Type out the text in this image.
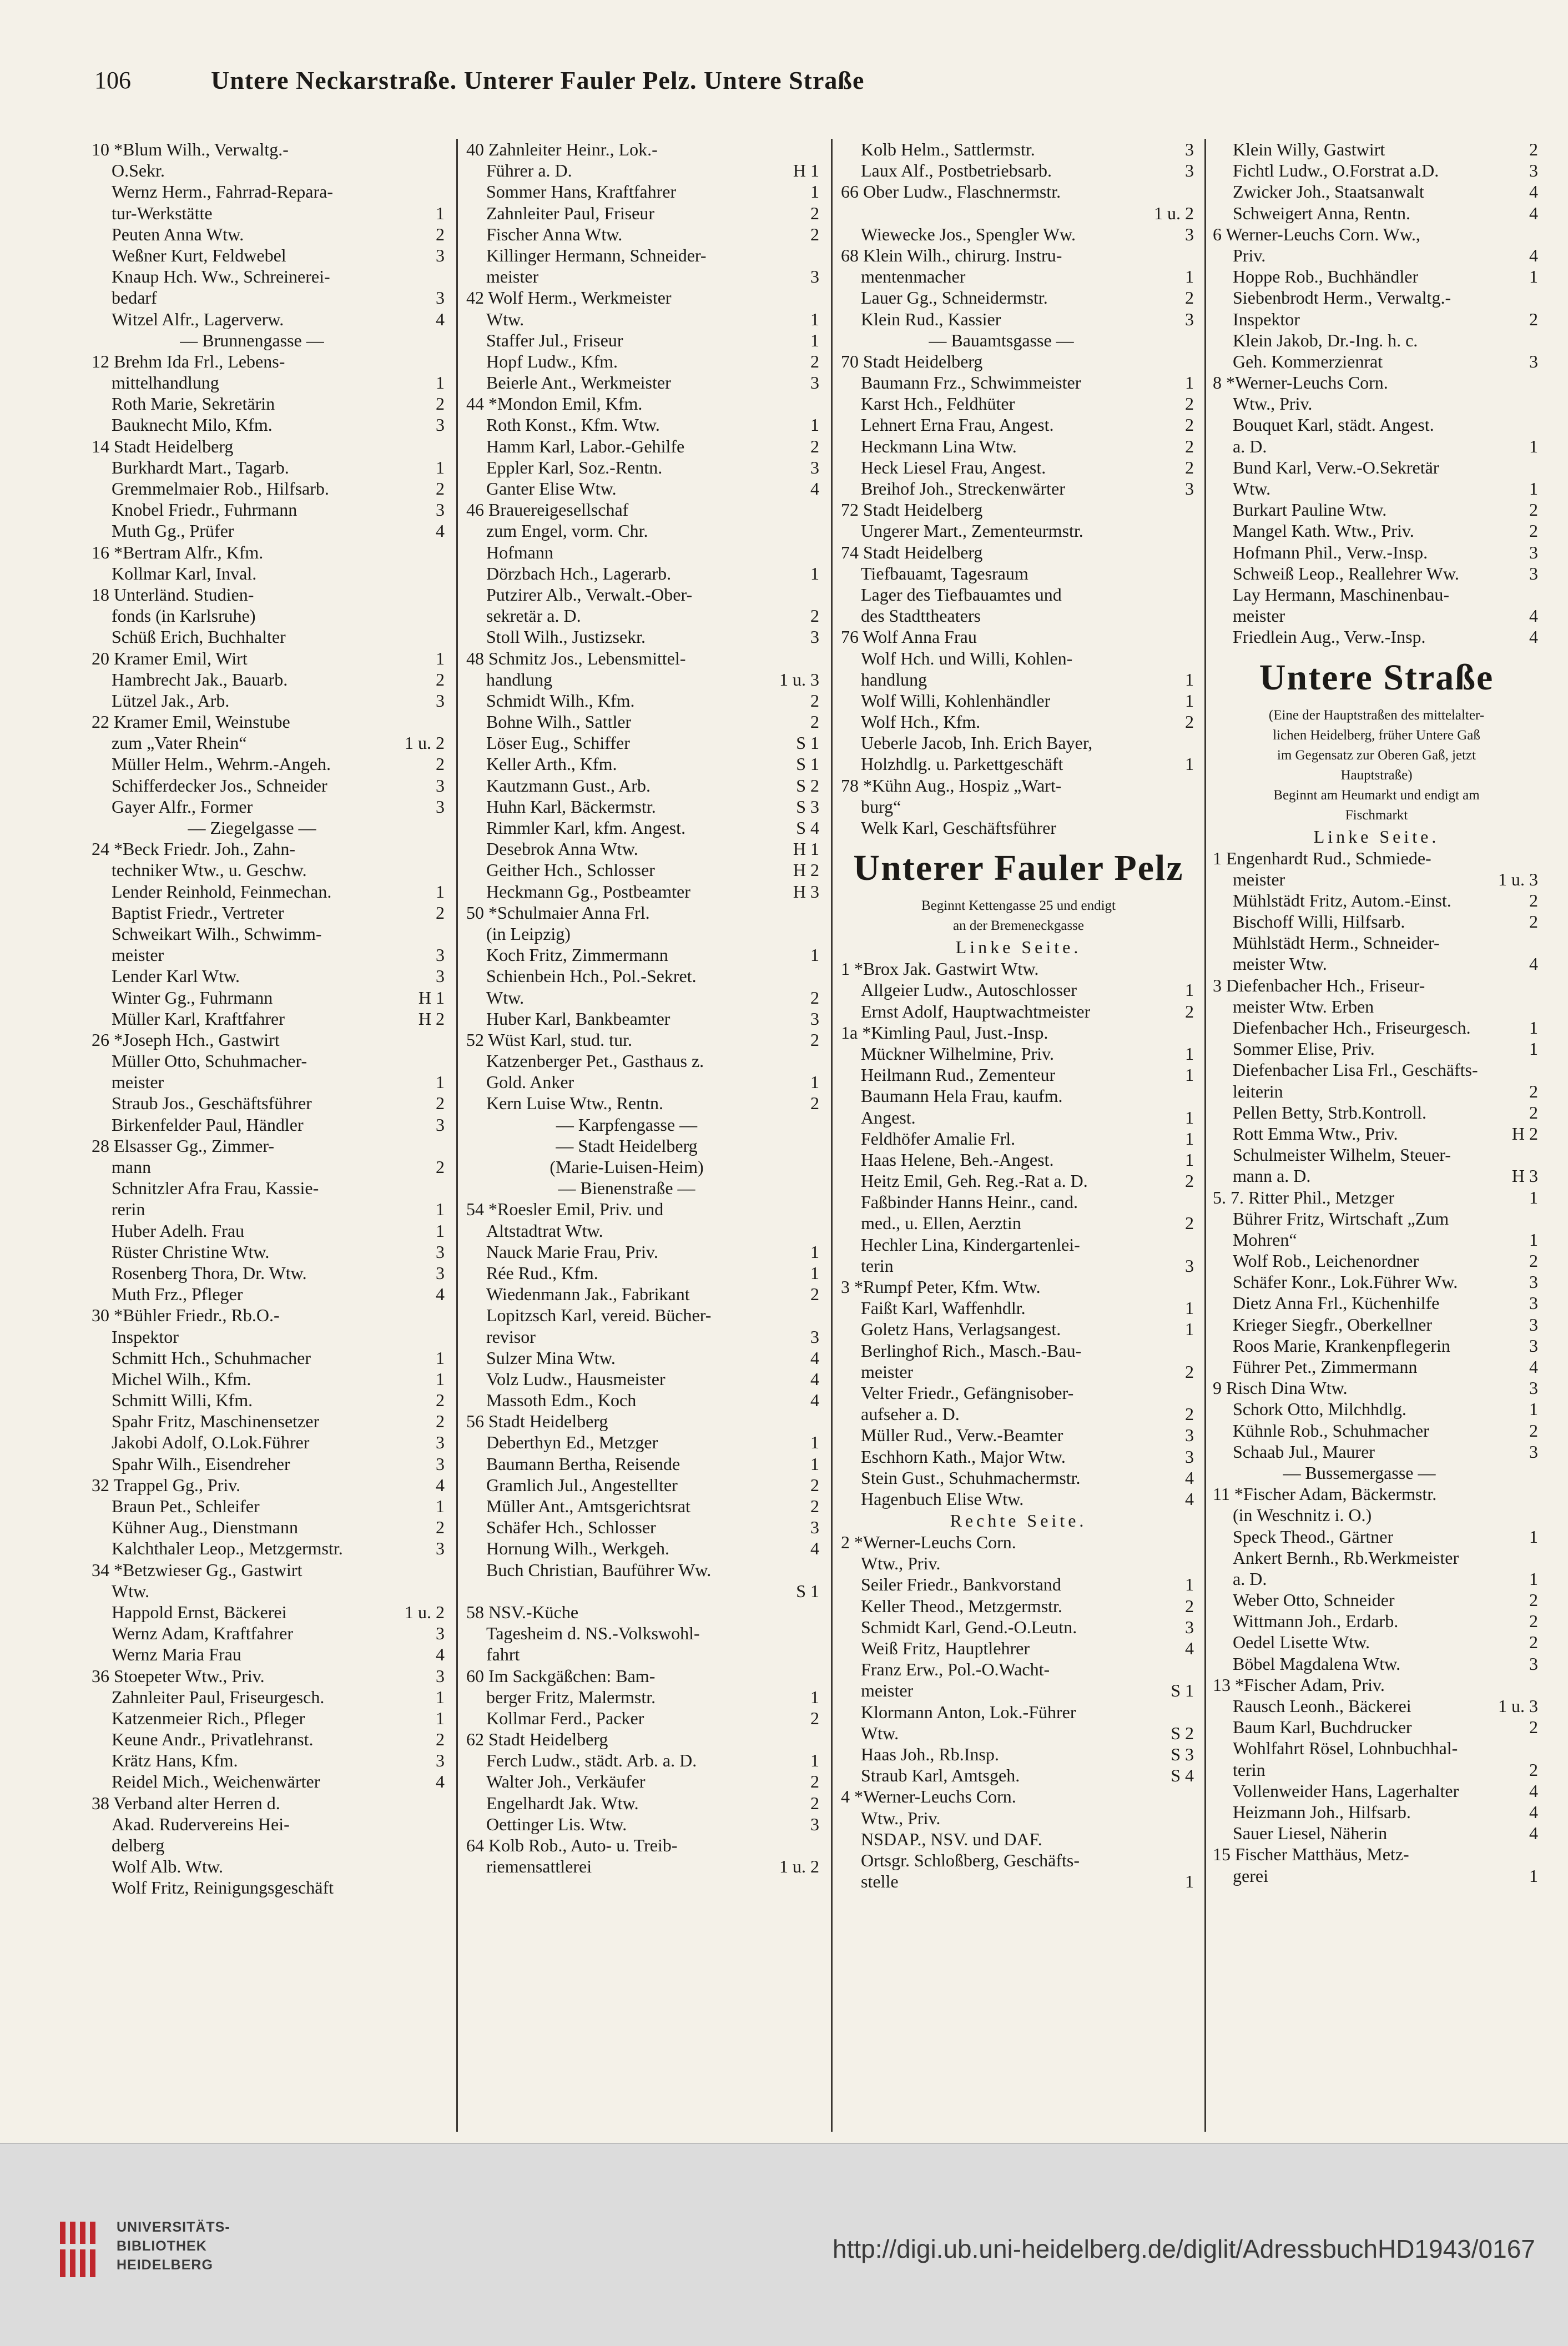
106	Untere Neckarstraße. Unterer Fauler Pelz. Untere Straße
10 *Blum Wilh., Verwaltg.-
O.Sekr.
Wernz Herm., Fahrrad-Repara-
tur-Werkstätte	1
Peuten Anna Wtw.	2
Weßner Kurt, Feldwebel	3
Knaup Hch. Ww., Schreinerei-
bedarf	3
Witzel Alfr., Lagerverw.	4
— Brunnengasse —
12 Brehm Ida Frl., Lebens-
mittelhandlung	1
Roth Marie, Sekretärin	2
Bauknecht Milo, Kfm.	3
14 Stadt Heidelberg
Burkhardt Mart., Tagarb.	1
Gremmelmaier Rob., Hilfsarb.	2
Knobel Friedr., Fuhrmann	3
Muth Gg., Prüfer	4
16 *Bertram Alfr., Kfm.
Kollmar Karl, Inval.
18 Unterländ. Studien-
fonds (in Karlsruhe)
Schüß Erich, Buchhalter
20 Kramer Emil, Wirt	1
Hambrecht Jak., Bauarb.	2
Lützel Jak., Arb.	3
22 Kramer Emil, Weinstube
zum „Vater Rhein“	1 u. 2
Müller Helm., Wehrm.-Angeh.	2
Schifferdecker Jos., Schneider	3
Gayer Alfr., Former	3
— Ziegelgasse —
24 *Beck Friedr. Joh., Zahn-
techniker Wtw., u. Geschw.
Lender Reinhold, Feinmechan.	1
Baptist Friedr., Vertreter	2
Schweikart Wilh., Schwimm-
meister	3
Lender Karl Wtw.	3
Winter Gg., Fuhrmann	H 1
Müller Karl, Kraftfahrer	H 2
26 *Joseph Hch., Gastwirt
Müller Otto, Schuhmacher-
meister	1
Straub Jos., Geschäftsführer	2
Birkenfelder Paul, Händler	3
28 Elsasser Gg., Zimmer-
mann	2
Schnitzler Afra Frau, Kassie-
rerin	1
Huber Adelh. Frau	1
Rüster Christine Wtw.	3
Rosenberg Thora, Dr. Wtw.	3
Muth Frz., Pfleger	4
30 *Bühler Friedr., Rb.O.-
Inspektor
Schmitt Hch., Schuhmacher	1
Michel Wilh., Kfm.	1
Schmitt Willi, Kfm.	2
Spahr Fritz, Maschinensetzer	2
Jakobi Adolf, O.Lok.Führer	3
Spahr Wilh., Eisendreher	3
32 Trappel Gg., Priv.	4
Braun Pet., Schleifer	1
Kühner Aug., Dienstmann	2
Kalchthaler Leop., Metzgermstr.	3
34 *Betzwieser Gg., Gastwirt
Wtw.
Happold Ernst, Bäckerei	1 u. 2
Wernz Adam, Kraftfahrer	3
Wernz Maria Frau	4
36 Stoepeter Wtw., Priv.	3
Zahnleiter Paul, Friseurgesch.	1
Katzenmeier Rich., Pfleger	1
Keune Andr., Privatlehranst.	2
Krätz Hans, Kfm.	3
Reidel Mich., Weichenwärter	4
38 Verband alter Herren d.
Akad. Rudervereins Hei-
delberg
Wolf Alb. Wtw.
Wolf Fritz, Reinigungsgeschäft
40 Zahnleiter Heinr., Lok.-
Führer a. D.	H 1
Sommer Hans, Kraftfahrer	1
Zahnleiter Paul, Friseur	2
Fischer Anna Wtw.	2
Killinger Hermann, Schneider-
meister	3
42 Wolf Herm., Werkmeister
Wtw.	1
Staffer Jul., Friseur	1
Hopf Ludw., Kfm.	2
Beierle Ant., Werkmeister	3
44 *Mondon Emil, Kfm.
Roth Konst., Kfm. Wtw.	1
Hamm Karl, Labor.-Gehilfe	2
Eppler Karl, Soz.-Rentn.	3
Ganter Elise Wtw.	4
46 Brauereigesellschaf
zum Engel, vorm. Chr.
Hofmann
Dörzbach Hch., Lagerarb.	1
Putzirer Alb., Verwalt.-Ober-
sekretär a. D.	2
Stoll Wilh., Justizsekr.	3
48 Schmitz Jos., Lebensmittel-
handlung	1 u. 3
Schmidt Wilh., Kfm.	2
Bohne Wilh., Sattler	2
Löser Eug., Schiffer	S 1
Keller Arth., Kfm.	S 1
Kautzmann Gust., Arb.	S 2
Huhn Karl, Bäckermstr.	S 3
Rimmler Karl, kfm. Angest.	S 4
Desebrok Anna Wtw.	H 1
Geither Hch., Schlosser	H 2
Heckmann Gg., Postbeamter	H 3
50 *Schulmaier Anna Frl.
(in Leipzig)
Koch Fritz, Zimmermann	1
Schienbein Hch., Pol.-Sekret.
Wtw.	2
Huber Karl, Bankbeamter	3
52 Wüst Karl, stud. tur.	2
Katzenberger Pet., Gasthaus z.
Gold. Anker	1
Kern Luise Wtw., Rentn.	2
— Karpfengasse —
— Stadt Heidelberg
(Marie-Luisen-Heim)
— Bienenstraße —
54 *Roesler Emil, Priv. und
Altstadtrat Wtw.
Nauck Marie Frau, Priv.	1
Rée Rud., Kfm.	1
Wiedenmann Jak., Fabrikant	2
Lopitzsch Karl, vereid. Bücher-
revisor	3
Sulzer Mina Wtw.	4
Volz Ludw., Hausmeister	4
Massoth Edm., Koch	4
56 Stadt Heidelberg
Deberthyn Ed., Metzger	1
Baumann Bertha, Reisende	1
Gramlich Jul., Angestellter	2
Müller Ant., Amtsgerichtsrat	2
Schäfer Hch., Schlosser	3
Hornung Wilh., Werkgeh.	4
Buch Christian, Bauführer Ww.
S 1
58 NSV.-Küche
Tagesheim d. NS.-Volkswohl-
fahrt
60 Im Sackgäßchen: Bam-
berger Fritz, Malermstr.	1
Kollmar Ferd., Packer	2
62 Stadt Heidelberg
Ferch Ludw., städt. Arb. a. D.	1
Walter Joh., Verkäufer	2
Engelhardt Jak. Wtw.	2
Oettinger Lis. Wtw.	3
64 Kolb Rob., Auto- u. Treib-
riemensattlerei	1 u. 2
Kolb Helm., Sattlermstr.	3
Laux Alf., Postbetriebsarb.	3
66 Ober Ludw., Flaschnermstr.
1 u. 2
Wiewecke Jos., Spengler Ww.	3
68 Klein Wilh., chirurg. Instru-
mentenmacher	1
Lauer Gg., Schneidermstr.	2
Klein Rud., Kassier	3
— Bauamtsgasse —
70 Stadt Heidelberg
Baumann Frz., Schwimmeister	1
Karst Hch., Feldhüter	2
Lehnert Erna Frau, Angest.	2
Heckmann Lina Wtw.	2
Heck Liesel Frau, Angest.	2
Breihof Joh., Streckenwärter	3
72 Stadt Heidelberg
Ungerer Mart., Zementeurmstr.
74 Stadt Heidelberg
Tiefbauamt, Tagesraum
Lager des Tiefbauamtes und
des Stadttheaters
76 Wolf Anna Frau
Wolf Hch. und Willi, Kohlen-
handlung	1
Wolf Willi, Kohlenhändler	1
Wolf Hch., Kfm.	2
Ueberle Jacob, Inh. Erich Bayer,
Holzhdlg. u. Parkettgeschäft	1
78 *Kühn Aug., Hospiz „Wart-
burg“
Welk Karl, Geschäftsführer
Unterer Fauler Pelz
Beginnt Kettengasse 25 und endigt
an der Bremeneckgasse
Linke Seite.
1 *Brox Jak. Gastwirt Wtw.
Allgeier Ludw., Autoschlosser	1
Ernst Adolf, Hauptwachtmeister	2
1a *Kimling Paul, Just.-Insp.
Mückner Wilhelmine, Priv.	1
Heilmann Rud., Zementeur	1
Baumann Hela Frau, kaufm.
Angest.	1
Feldhöfer Amalie Frl.	1
Haas Helene, Beh.-Angest.	1
Heitz Emil, Geh. Reg.-Rat a. D.	2
Faßbinder Hanns Heinr., cand.
med., u. Ellen, Aerztin	2
Hechler Lina, Kindergartenlei-
terin	3
3 *Rumpf Peter, Kfm. Wtw.
Faißt Karl, Waffenhdlr.	1
Goletz Hans, Verlagsangest.	1
Berlinghof Rich., Masch.-Bau-
meister	2
Velter Friedr., Gefängnisober-
aufseher a. D.	2
Müller Rud., Verw.-Beamter	3
Eschhorn Kath., Major Wtw.	3
Stein Gust., Schuhmachermstr.	4
Hagenbuch Elise Wtw.	4
Rechte Seite.
2 *Werner-Leuchs Corn.
Wtw., Priv.
Seiler Friedr., Bankvorstand	1
Keller Theod., Metzgermstr.	2
Schmidt Karl, Gend.-O.Leutn.	3
Weiß Fritz, Hauptlehrer	4
Franz Erw., Pol.-O.Wacht-
meister	S 1
Klormann Anton, Lok.-Führer
Wtw.	S 2
Haas Joh., Rb.Insp.	S 3
Straub Karl, Amtsgeh.	S 4
4 *Werner-Leuchs Corn.
Wtw., Priv.
NSDAP., NSV. und DAF.
Ortsgr. Schloßberg, Geschäfts-
stelle	1
Klein Willy, Gastwirt	2
Fichtl Ludw., O.Forstrat a.D.	3
Zwicker Joh., Staatsanwalt	4
Schweigert Anna, Rentn.	4
6 Werner-Leuchs Corn. Ww.,
Priv.	4
Hoppe Rob., Buchhändler	1
Siebenbrodt Herm., Verwaltg.-
Inspektor	2
Klein Jakob, Dr.-Ing. h. c.
Geh. Kommerzienrat	3
8 *Werner-Leuchs Corn.
Wtw., Priv.
Bouquet Karl, städt. Angest.
a. D.	1
Bund Karl, Verw.-O.Sekretär
Wtw.	1
Burkart Pauline Wtw.	2
Mangel Kath. Wtw., Priv.	2
Hofmann Phil., Verw.-Insp.	3
Schweiß Leop., Reallehrer Ww.	3
Lay Hermann, Maschinenbau-
meister	4
Friedlein Aug., Verw.-Insp.	4
Untere Straße
(Eine der Hauptstraßen des mittelalter-
lichen Heidelberg, früher Untere Gaß
im Gegensatz zur Oberen Gaß, jetzt
Hauptstraße)
Beginnt am Heumarkt und endigt am
Fischmarkt
Linke Seite.
1 Engenhardt Rud., Schmiede-
meister	1 u. 3
Mühlstädt Fritz, Autom.-Einst.	2
Bischoff Willi, Hilfsarb.	2
Mühlstädt Herm., Schneider-
meister Wtw.	4
3 Diefenbacher Hch., Friseur-
meister Wtw. Erben
Diefenbacher Hch., Friseurgesch.	1
Sommer Elise, Priv.	1
Diefenbacher Lisa Frl., Geschäfts-
leiterin	2
Pellen Betty, Strb.Kontroll.	2
Rott Emma Wtw., Priv.	H 2
Schulmeister Wilhelm, Steuer-
mann a. D.	H 3
5. 7. Ritter Phil., Metzger	1
Bührer Fritz, Wirtschaft „Zum
Mohren“	1
Wolf Rob., Leichenordner	2
Schäfer Konr., Lok.Führer Ww.	3
Dietz Anna Frl., Küchenhilfe	3
Krieger Siegfr., Oberkellner	3
Roos Marie, Krankenpflegerin	3
Führer Pet., Zimmermann	4
9 Risch Dina Wtw.	3
Schork Otto, Milchhdlg.	1
Kühnle Rob., Schuhmacher	2
Schaab Jul., Maurer	3
— Bussemergasse —
11 *Fischer Adam, Bäckermstr.
(in Weschnitz i. O.)
Speck Theod., Gärtner	1
Ankert Bernh., Rb.Werkmeister
a. D.	1
Weber Otto, Schneider	2
Wittmann Joh., Erdarb.	2
Oedel Lisette Wtw.	2
Böbel Magdalena Wtw.	3
13 *Fischer Adam, Priv.
Rausch Leonh., Bäckerei	1 u. 3
Baum Karl, Buchdrucker	2
Wohlfahrt Rösel, Lohnbuchhal-
terin	2
Vollenweider Hans, Lagerhalter	4
Heizmann Joh., Hilfsarb.	4
Sauer Liesel, Näherin	4
15 Fischer Matthäus, Metz-
gerei	1
UNIVERSITÄTS-
BIBLIOTHEK
HEIDELBERG
http://digi.ub.uni-heidelberg.de/diglit/AdressbuchHD1943/0167
